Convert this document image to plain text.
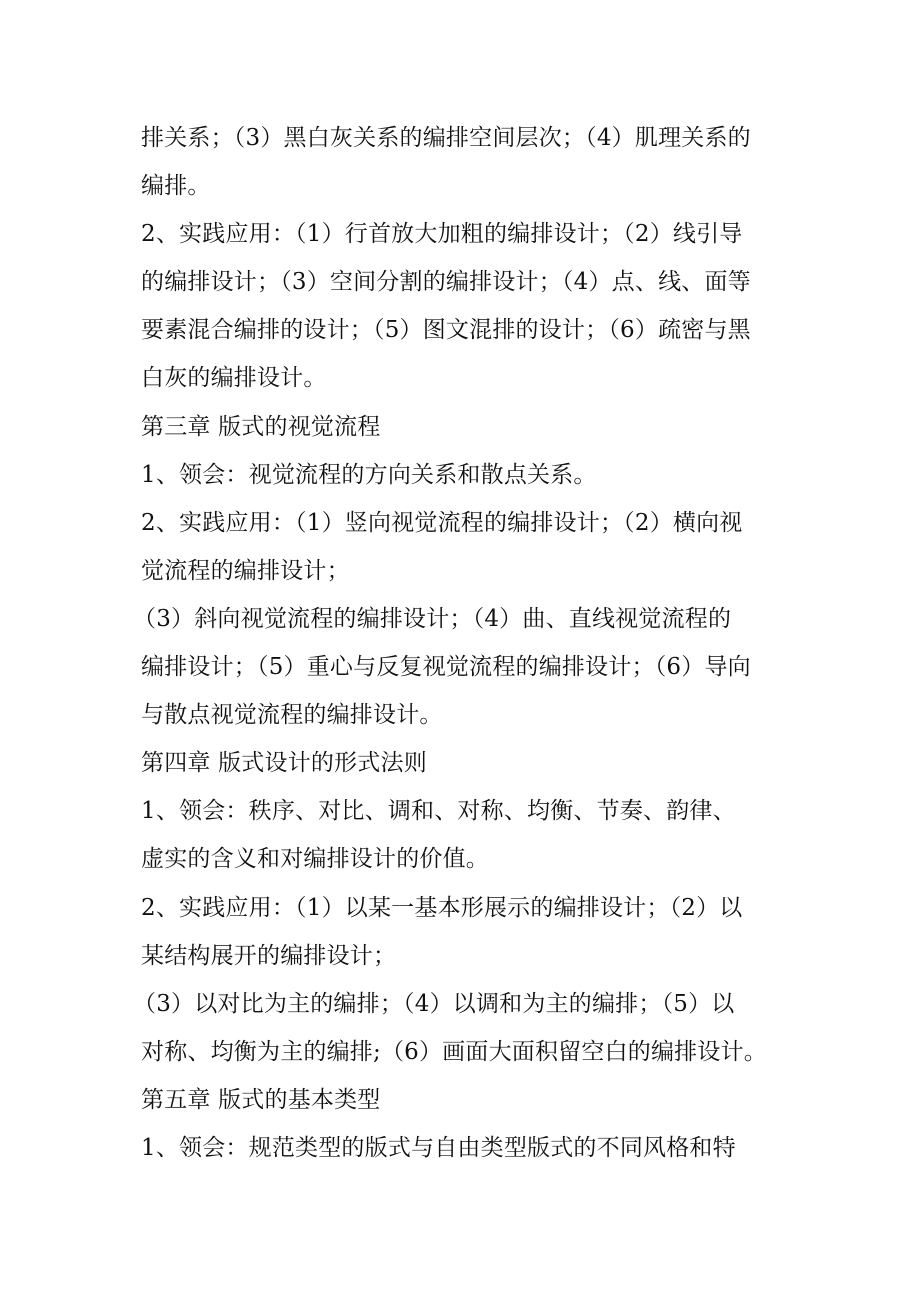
排关系；（3）黑白灰关系的编排空间层次；（4）肌理关系的
编排。
2、实践应用：（1）行首放大加粗的编排设计；（2）线引导
的编排设计；（3）空间分割的编排设计；（4）点、线、面等
要素混合编排的设计；（5）图文混排的设计；（6）疏密与黑
白灰的编排设计。
第三章 版式的视觉流程
1、领会：视觉流程的方向关系和散点关系。
2、实践应用：（1）竖向视觉流程的编排设计；（2）横向视
觉流程的编排设计；
（3）斜向视觉流程的编排设计；（4）曲、直线视觉流程的
编排设计；（5）重心与反复视觉流程的编排设计；（6）导向
与散点视觉流程的编排设计。
第四章 版式设计的形式法则
1、领会：秩序、对比、调和、对称、均衡、节奏、韵律、
虚实的含义和对编排设计的价值。
2、实践应用：（1）以某一基本形展示的编排设计；（2）以
某结构展开的编排设计；
（3）以对比为主的编排；（4）以调和为主的编排；（5）以
对称、均衡为主的编排;（6）画面大面积留空白的编排设计。
第五章 版式的基本类型
1、领会：规范类型的版式与自由类型版式的不同风格和特
